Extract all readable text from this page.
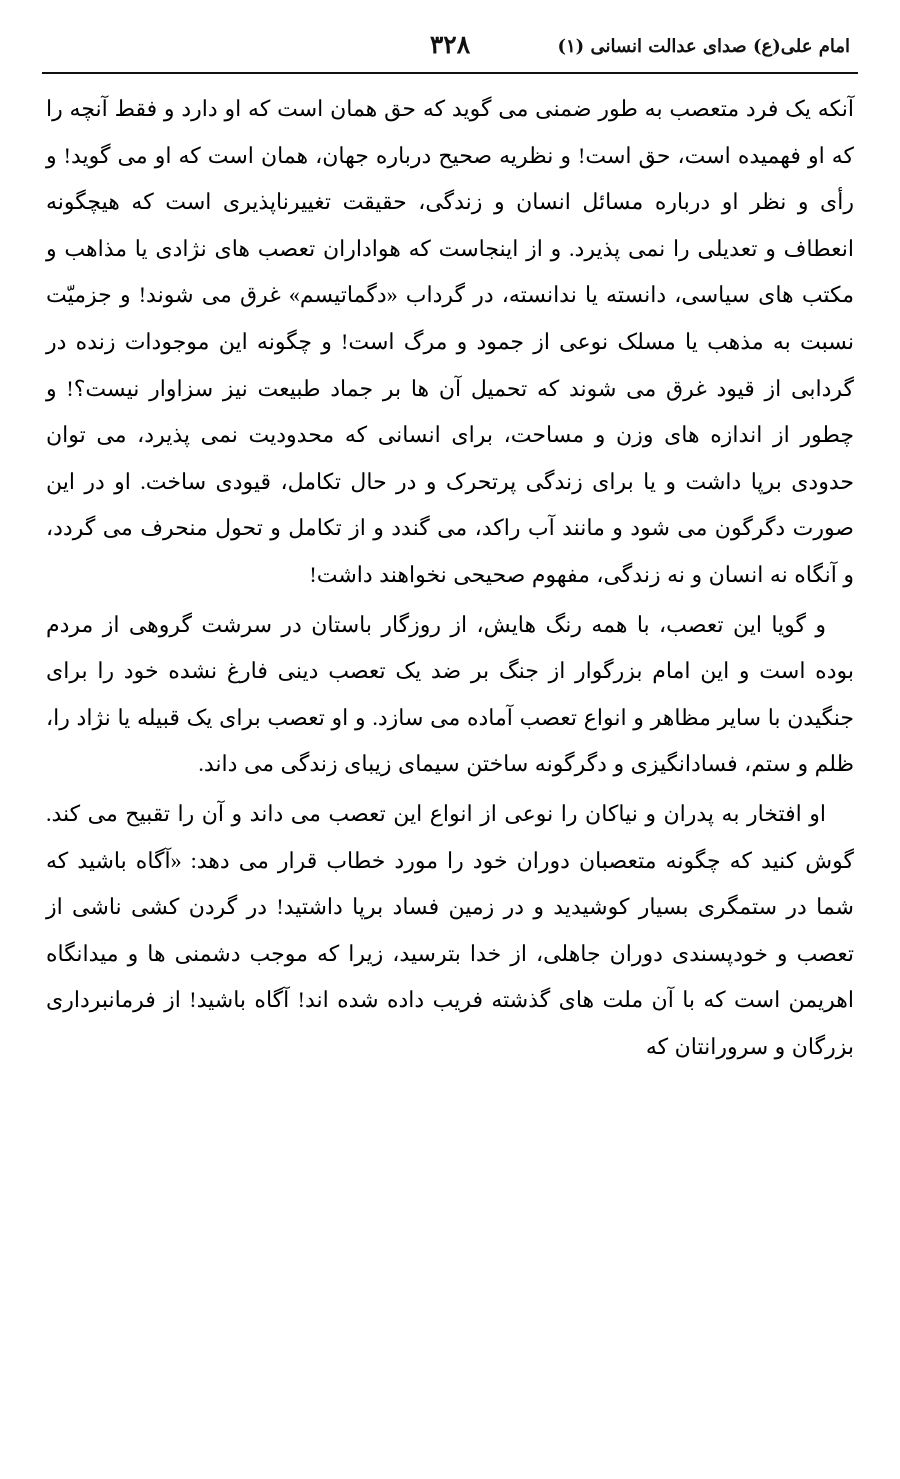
امام علی(ع) صدای عدالت انسانی (۱)
۳۲۸

آنکه یک فرد متعصب به طور ضمنی می گوید که حق همان است که او دارد و فقط آنچه را که او فهمیده است، حق است! و نظریه صحیح درباره جهان، همان است که او می گوید! و رأی و نظر او درباره مسائل انسان و زندگی، حقیقت تغییرناپذیری است که هیچگونه انعطاف و تعدیلی را نمی پذیرد. و از اینجاست که هواداران تعصب های نژادی یا مذاهب و مکتب های سیاسی، دانسته یا ندانسته، در گرداب «دگماتیسم» غرق می شوند! و جزمیّت نسبت به مذهب یا مسلک نوعی از جمود و مرگ است! و چگونه این موجودات زنده در گردابی از قیود غرق می شوند که تحمیل آن ها بر جماد طبیعت نیز سزاوار نیست؟! و چطور از اندازه های وزن و مساحت، برای انسانی که محدودیت نمی پذیرد، می توان حدودی برپا داشت و یا برای زندگی پرتحرک و در حال تکامل، قیودی ساخت. او در این صورت دگرگون می شود و مانند آب راکد، می گندد و از تکامل و تحول منحرف می گردد، و آنگاه نه انسان و نه زندگی، مفهوم صحیحی نخواهند داشت!

و گویا این تعصب، با همه رنگ هایش، از روزگار باستان در سرشت گروهی از مردم بوده است و این امام بزرگوار از جنگ بر ضد یک تعصب دینی فارغ نشده خود را برای جنگیدن با سایر مظاهر و انواع تعصب آماده می سازد. و او تعصب برای یک قبیله یا نژاد را، ظلم و ستم، فسادانگیزی و دگرگونه ساختن سیمای زیبای زندگی می داند.

او افتخار به پدران و نیاکان را نوعی از انواع این تعصب می داند و آن را تقبیح می کند. گوش کنید که چگونه متعصبان دوران خود را مورد خطاب قرار می دهد: «آگاه باشید که شما در ستمگری بسیار کوشیدید و در زمین فساد برپا داشتید! در گردن کشی ناشی از تعصب و خودپسندی دوران جاهلی، از خدا بترسید، زیرا که موجب دشمنی ها و میدانگاه اهریمن است که با آن ملت های گذشته فریب داده شده اند! آگاه باشید! از فرمانبرداری بزرگان و سرورانتان که
